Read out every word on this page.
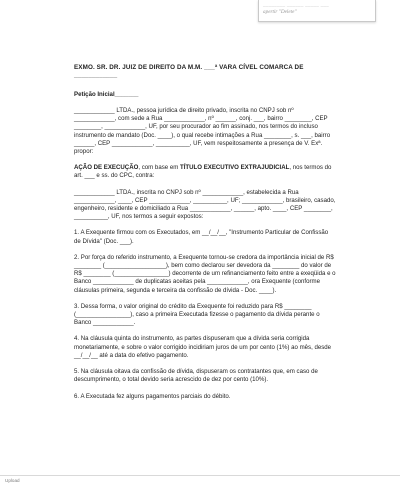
________ ______ _____ ___
apertir "Delete"

EXMO. SR. DR. JUIZ DE DIREITO DA M.M. ___ª VARA CÍVEL COMARCA DE ____________

Petição Inicial_______

____________ LTDA., pessoa jurídica de direito privado, inscrita no CNPJ sob nº ____________, com sede a Rua ____________, nº ______, conj. ___, bairro ________, CEP ________, ____________, UF, por seu procurador ao fim assinado, nos termos do incluso instrumento de mandato (Doc. ____), o qual recebe intimações a Rua ________, s. ___, bairro ______, CEP ____________, __________, UF, vem respeitosamente a presença de V. Exª. propor:

AÇÃO DE EXECUÇÃO, com base em TÍTULO EXECUTIVO EXTRAJUDICIAL, nos termos do art. ___ e ss. do CPC, contra:

____________ LTDA., inscrita no CNPJ sob nº ____________, estabelecida a Rua ____________, ____, CEP ____________, __________, UF; ____________, brasileiro, casado, engenheiro, residente e domiciliado a Rua ____________, ______, apto. ____, CEP ________, __________, UF, nos termos a seguir expostos:

1. A Exequente firmou com os Executados, em __/__/__, "Instrumento Particular de Confissão de Dívida" (Doc. ___).

2. Por força do referido instrumento, a Exequente tornou-se credora da importância inicial de R$ ________ (__________________), bem como declarou ser devedora da ________ do valor de R$ ________ (________________) decorrente de um refinanciamento feito entre a exeqüida e o Banco ____________ de duplicatas aceitas pela ____________, ora Exequente (conforme cláusulas primeira, segunda e terceira da confissão de dívida - Doc. ____).

3. Dessa forma, o valor original do crédito da Exequente foi reduzido para R$ ________ (________________), caso a primeira Executada fizesse o pagamento da dívida perante o Banco ____________.

4. Na cláusula quinta do instrumento, as partes dispuseram que a dívida seria corrigida monetariamente, e sobre o valor corrigido incidiriam juros de um por cento (1%) ao mês, desde __/__/__ até a data do efetivo pagamento.

5. Na cláusula oitava da confissão de dívida, dispuseram os contratantes que, em caso de descumprimento, o total devido seria acrescido de dez por cento (10%).

6. A Executada fez alguns pagamentos parciais do débito.

Upload
